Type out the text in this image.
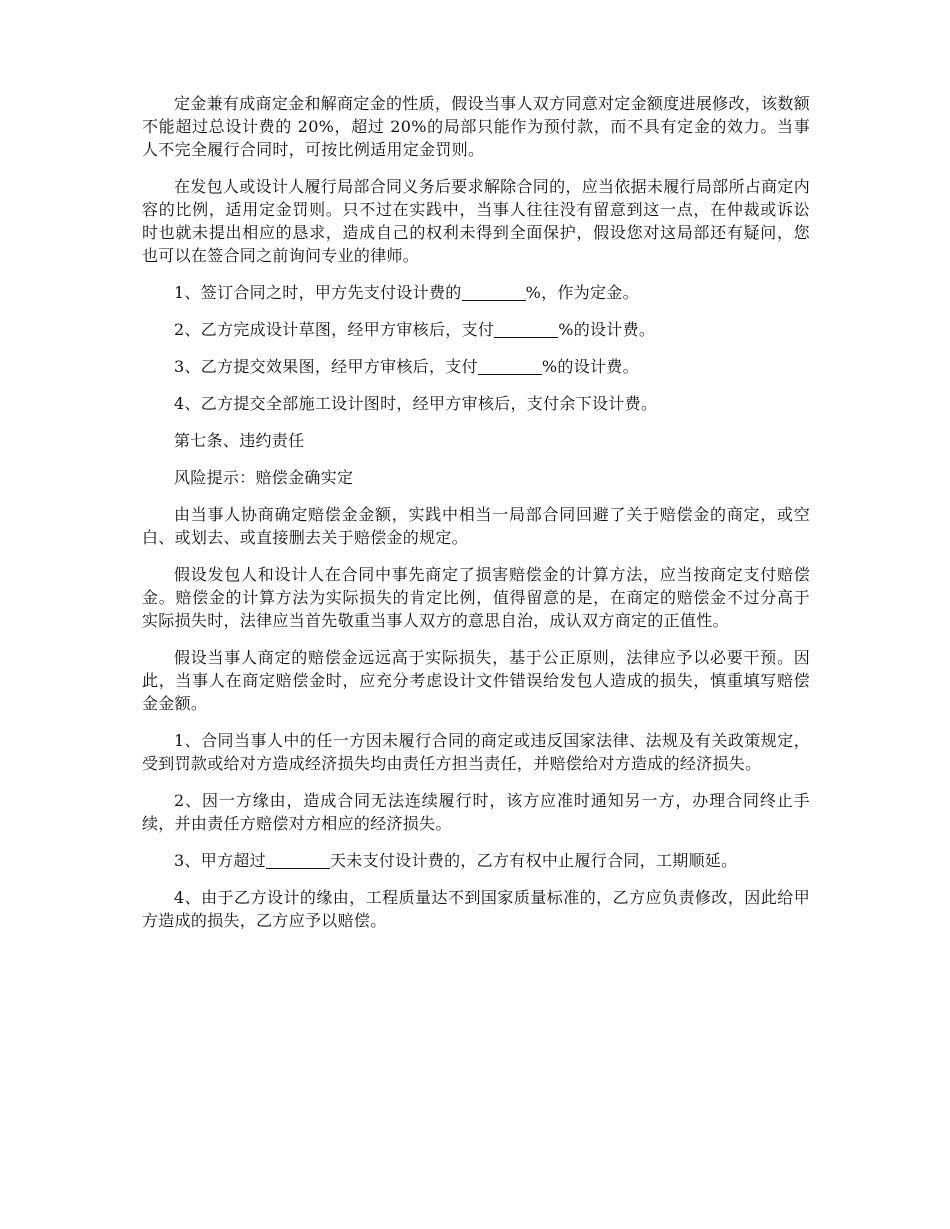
定金兼有成商定金和解商定金的性质，假设当事人双方同意对定金额度进展修改，该数额不能超过总设计费的 20%，超过 20%的局部只能作为预付款，而不具有定金的效力。当事人不完全履行合同时，可按比例适用定金罚则。

在发包人或设计人履行局部合同义务后要求解除合同的，应当依据未履行局部所占商定内容的比例，适用定金罚则。只不过在实践中，当事人往往没有留意到这一点，在仲裁或诉讼时也就未提出相应的恳求，造成自己的权利未得到全面保护，假设您对这局部还有疑问，您也可以在签合同之前询问专业的律师。

1、签订合同之时，甲方先支付设计费的	%，作为定金。

2、乙方完成设计草图，经甲方审核后，支付	%的设计费。

3、乙方提交效果图，经甲方审核后，支付	%的设计费。

4、乙方提交全部施工设计图时，经甲方审核后，支付余下设计费。

第七条、违约责任

风险提示：赔偿金确实定

由当事人协商确定赔偿金金额，实践中相当一局部合同回避了关于赔偿金的商定，或空白、或划去、或直接删去关于赔偿金的规定。

假设发包人和设计人在合同中事先商定了损害赔偿金的计算方法，应当按商定支付赔偿金。赔偿金的计算方法为实际损失的肯定比例，值得留意的是，在商定的赔偿金不过分高于实际损失时，法律应当首先敬重当事人双方的意思自治，成认双方商定的正值性。

假设当事人商定的赔偿金远远高于实际损失，基于公正原则，法律应予以必要干预。因此，当事人在商定赔偿金时，应充分考虑设计文件错误给发包人造成的损失，慎重填写赔偿金金额。

1、合同当事人中的任一方因未履行合同的商定或违反国家法律、法规及有关政策规定，受到罚款或给对方造成经济损失均由责任方担当责任，并赔偿给对方造成的经济损失。

2、因一方缘由，造成合同无法连续履行时，该方应准时通知另一方，办理合同终止手续，并由责任方赔偿对方相应的经济损失。

3、甲方超过	天未支付设计费的，乙方有权中止履行合同，工期顺延。

4、由于乙方设计的缘由，工程质量达不到国家质量标准的，乙方应负责修改，因此给甲方造成的损失，乙方应予以赔偿。
